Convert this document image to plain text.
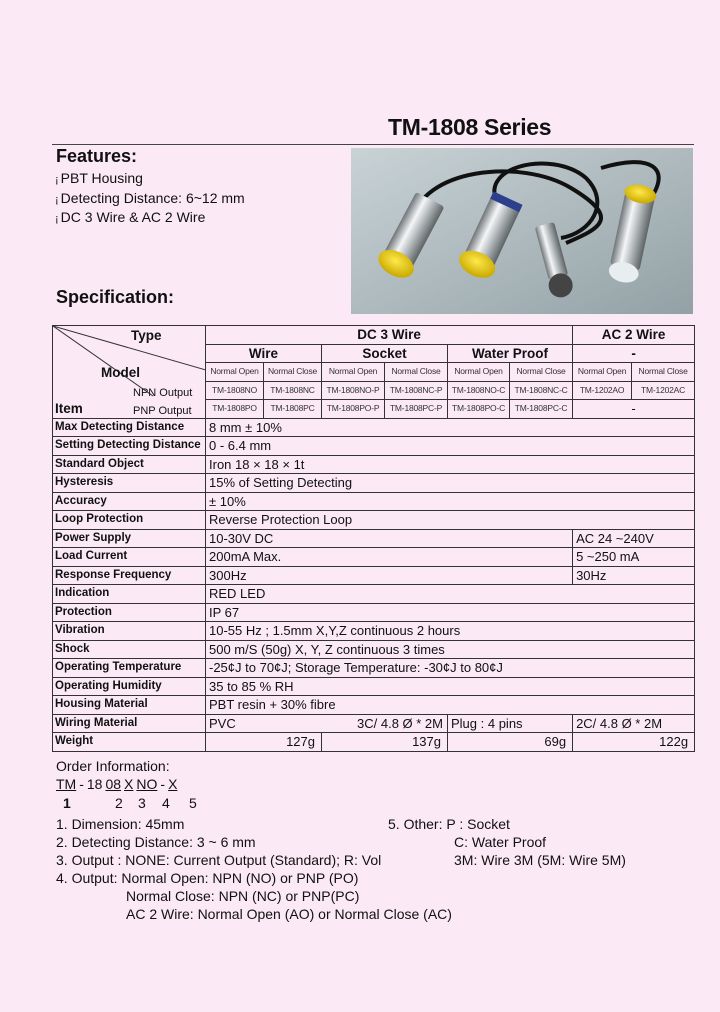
TM-1808 Series
Features:
¡ PBT Housing
¡ Detecting Distance: 6~12 mm
¡ DC 3 Wire & AC 2 Wire
Specification:
Type
Model
Item
NPN Output
PNP Output	DC 3 Wire						AC 2 Wire	
	Wire		Socket		Water Proof		-	
	Normal Open	Normal Close	Normal Open	Normal Close	Normal Open	Normal Close	Normal Open	Normal Close
	TM-1808NO	TM-1808NC	TM-1808NO-P	TM-1808NC-P	TM-1808NO-C	TM-1808NC-C	TM-1202AO	TM-1202AC
	TM-1808PO	TM-1808PC	TM-1808PO-P	TM-1808PC-P	TM-1808PO-C	TM-1808PC-C	-	
Max Detecting Distance	8 mm ± 10%							
Setting Detecting Distance	0 - 6.4 mm							
Standard Object	Iron 18 × 18 × 1t							
Hysteresis	15% of Setting Detecting							
Accuracy	± 10%							
Loop Protection	Reverse Protection Loop							
Power Supply	10-30V DC						AC 24 ~240V	
Load Current	200mA Max.						5 ~250 mA	
Response Frequency	300Hz						30Hz	
Indication	RED LED							
Protection	IP 67							
Vibration	10-55 Hz ; 1.5mm X,Y,Z continuous 2 hours							
Shock	500 m/S (50g) X, Y, Z continuous 3 times							
Operating Temperature	-25¢J to 70¢J; Storage Temperature: -30¢J to 80¢J							
Operating Humidity	35 to 85 % RH							
Housing Material	PBT resin + 30% fibre							
Wiring Material	PVC 3C/ 4.8 Ø * 2M				Plug : 4 pins		2C/ 4.8 Ø * 2M	
Weight	127g		137g		69g		122g	
Order Information:
TM - 18 08 X NO - X
1	2 3 4 5
1. Dimension: 45mm
2. Detecting Distance: 3 ~ 6 mm
3. Output : NONE: Current Output (Standard); R: Vol
4. Output: Normal Open: NPN (NO) or PNP (PO)
Normal Close: NPN (NC) or PNP(PC)
AC 2 Wire: Normal Open (AO) or Normal Close (AC)
5. Other: P : Socket
C: Water Proof
3M: Wire 3M (5M: Wire 5M)
